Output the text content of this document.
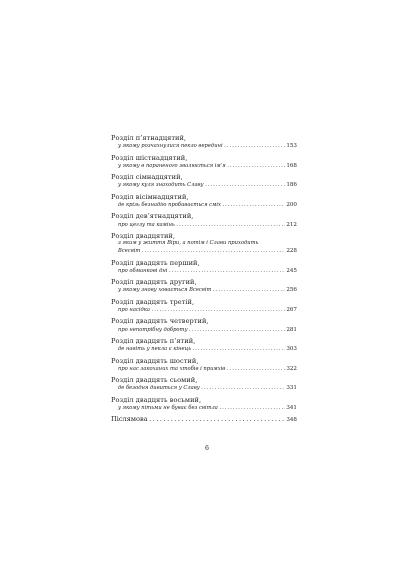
Розділ п’ятнадцятий,
у якому розчахнулися пекло вередині . . .	153
Розділ шістнадцятий,
у якому в пораненого звалюється ім’я . . .	168
Розділ сімнадцятий,
у якому куля знаходить Славу . . .	186
Розділ вісімнадцятий,
де крізь безнадію пробивається сміх . . .	200
Розділ дев’ятнадцятий,
про цеглу та камінь . . .	212
Розділ двадцятий,
з яким у життя Віри, а потім і Слави приходить
Всесвіт . . .	228
Розділ двадцять перший,
про обманкові дні . . .	245
Розділ двадцять другий,
у якому знову ховається Всесвіт . . .	256
Розділ двадцять третій,
про насідка . . .	267
Розділ двадцять четвертий,
про непотрібну доброту . . .	281
Розділ двадцять п’ятий,
де навіть у пекла є кінець . . .	303
Розділ двадцять шостий,
про нас закоханих та хтобів і примхів . . .	322
Розділ двадцять сьомий,
де безодня дивиться у Славу . . .	331
Розділ двадцять восьмий,
у якому пітьми не буває без світла . . .	341
Післямова . . .	348
6
